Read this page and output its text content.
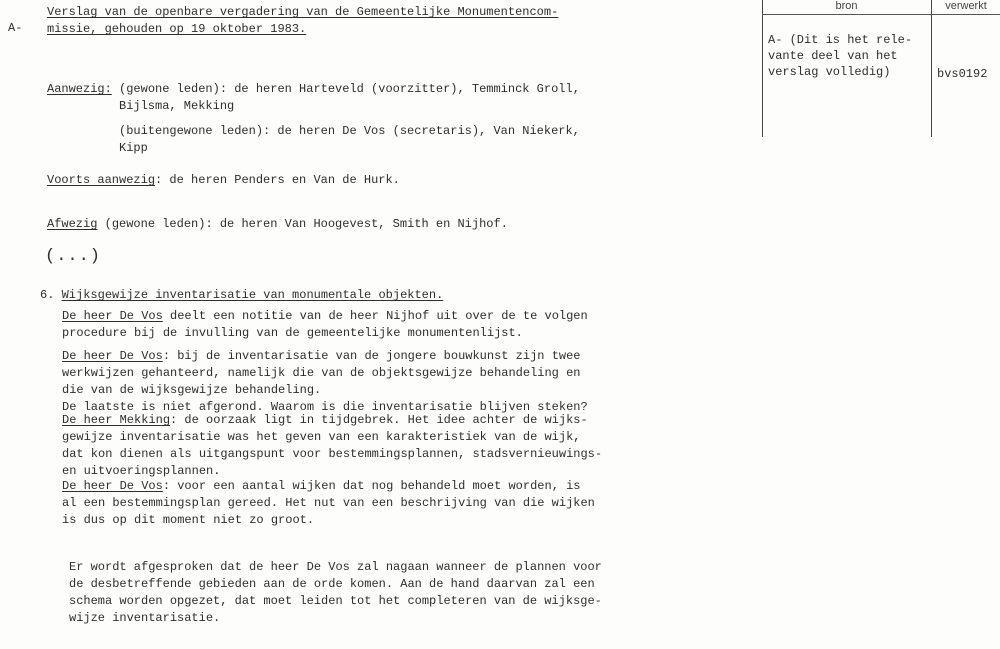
A-
Verslag van de openbare vergadering van de Gemeentelijke Monumentencom-
missie, gehouden op 19 oktober 1983.
Aanwezig: (gewone leden): de heren Harteveld (voorzitter), Temminck Groll,
Bijlsma, Mekking
(buitengewone leden): de heren De Vos (secretaris), Van Niekerk,
Kipp
Voorts aanwezig: de heren Penders en Van de Hurk.
Afwezig (gewone leden): de heren Van Hoogevest, Smith en Nijhof.
(...)
6. Wijksgewijze inventarisatie van monumentale objekten.
De heer De Vos deelt een notitie van de heer Nijhof uit over de te volgen
procedure bij de invulling van de gemeentelijke monumentenlijst.
De heer De Vos: bij de inventarisatie van de jongere bouwkunst zijn twee
werkwijzen gehanteerd, namelijk die van de objektsgewijze behandeling en
die van de wijksgewijze behandeling.
De laatste is niet afgerond. Waarom is die inventarisatie blijven steken?
De heer Mekking: de oorzaak ligt in tijdgebrek. Het idee achter de wijks-
gewijze inventarisatie was het geven van een karakteristiek van de wijk,
dat kon dienen als uitgangspunt voor bestemmingsplannen, stadsvernieuwings-
en uitvoeringsplannen.
De heer De Vos: voor een aantal wijken dat nog behandeld moet worden, is
al een bestemmingsplan gereed. Het nut van een beschrijving van die wijken
is dus op dit moment niet zo groot.
Er wordt afgesproken dat de heer De Vos zal nagaan wanneer de plannen voor
de desbetreffende gebieden aan de orde komen. Aan de hand daarvan zal een
schema worden opgezet, dat moet leiden tot het completeren van de wijksge-
wijze inventarisatie.
bron	verwerkt
A- (Dit is het rele-
vante deel van het
verslag volledig)	bvs0192
